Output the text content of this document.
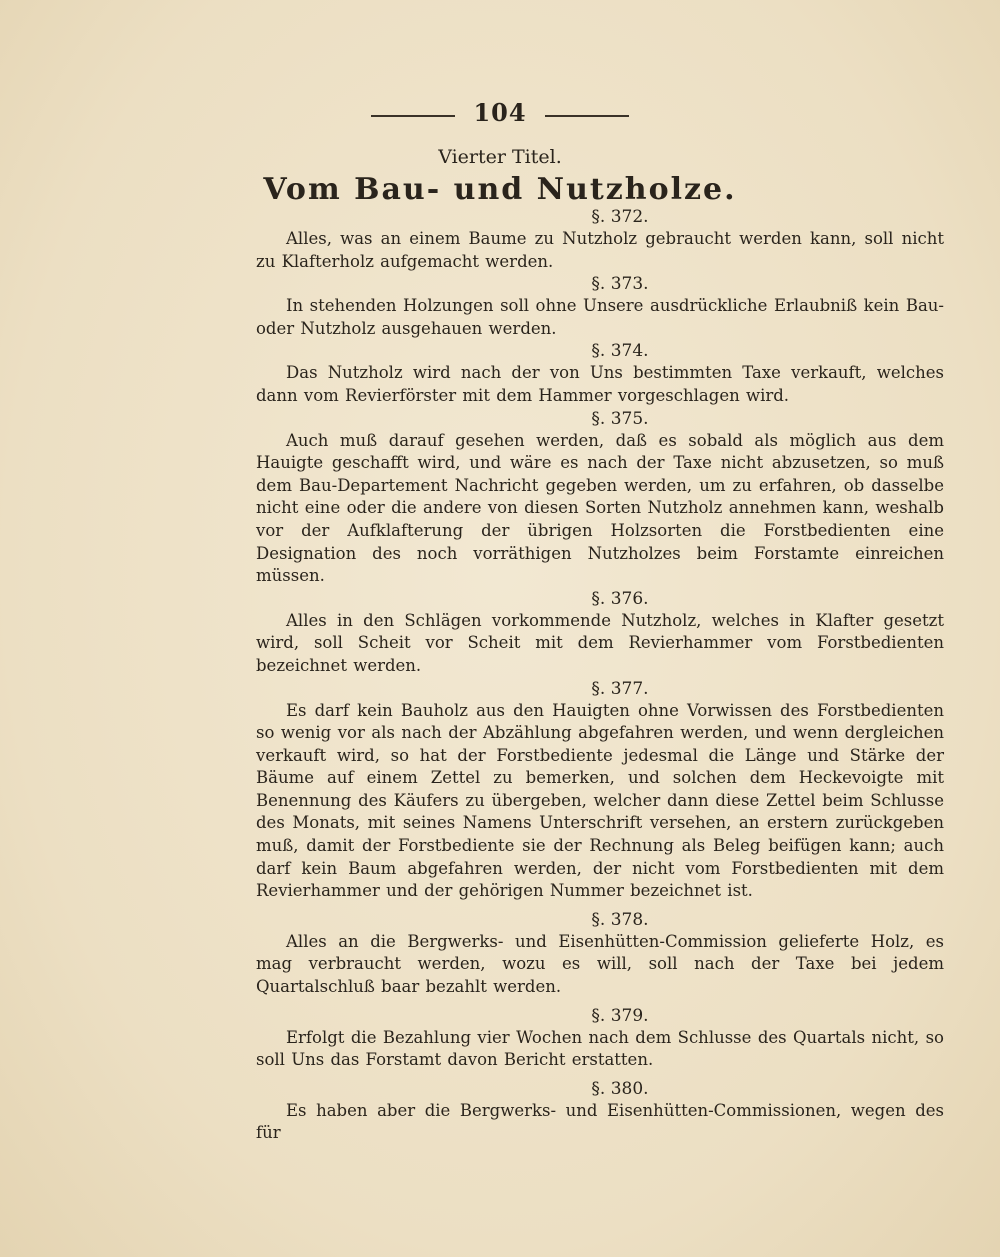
104
Vierter Titel.
Vom Bau- und Nutzholze.
§. 372.

Alles, was an einem Baume zu Nutzholz gebraucht werden kann, soll nicht zu Klafterholz aufgemacht werden.

§. 373.

In stehenden Holzungen soll ohne Unsere ausdrückliche Erlaubniß kein Bau- oder Nutzholz ausgehauen werden.

§. 374.

Das Nutzholz wird nach der von Uns bestimmten Taxe verkauft, welches dann vom Revierförster mit dem Hammer vorgeschlagen wird.

§. 375.

Auch muß darauf gesehen werden, daß es sobald als möglich aus dem Hauigte geschafft wird, und wäre es nach der Taxe nicht abzusetzen, so muß dem Bau-Departement Nachricht gegeben werden, um zu erfahren, ob dasselbe nicht eine oder die andere von diesen Sorten Nutzholz annehmen kann, weshalb vor der Aufklafterung der übrigen Holzsorten die Forstbedienten eine Designation des noch vorräthigen Nutzholzes beim Forstamte einreichen müssen.

§. 376.

Alles in den Schlägen vorkommende Nutzholz, welches in Klafter gesetzt wird, soll Scheit vor Scheit mit dem Revierhammer vom Forstbedienten bezeichnet werden.

§. 377.

Es darf kein Bauholz aus den Hauigten ohne Vorwissen des Forstbedienten so wenig vor als nach der Abzählung abgefahren werden, und wenn dergleichen verkauft wird, so hat der Forstbediente jedesmal die Länge und Stärke der Bäume auf einem Zettel zu bemerken, und solchen dem Heckevoigte mit Benennung des Käufers zu übergeben, welcher dann diese Zettel beim Schlusse des Monats, mit seines Namens Unterschrift versehen, an erstern zurückgeben muß, damit der Forstbediente sie der Rechnung als Beleg beifügen kann; auch darf kein Baum abgefahren werden, der nicht vom Forstbedienten mit dem Revierhammer und der gehörigen Nummer bezeichnet ist.

§. 378.

Alles an die Bergwerks- und Eisenhütten-Commission gelieferte Holz, es mag verbraucht werden, wozu es will, soll nach der Taxe bei jedem Quartalschluß baar bezahlt werden.

§. 379.

Erfolgt die Bezahlung vier Wochen nach dem Schlusse des Quartals nicht, so soll Uns das Forstamt davon Bericht erstatten.

§. 380.

Es haben aber die Bergwerks- und Eisenhütten-Commissionen, wegen des für
